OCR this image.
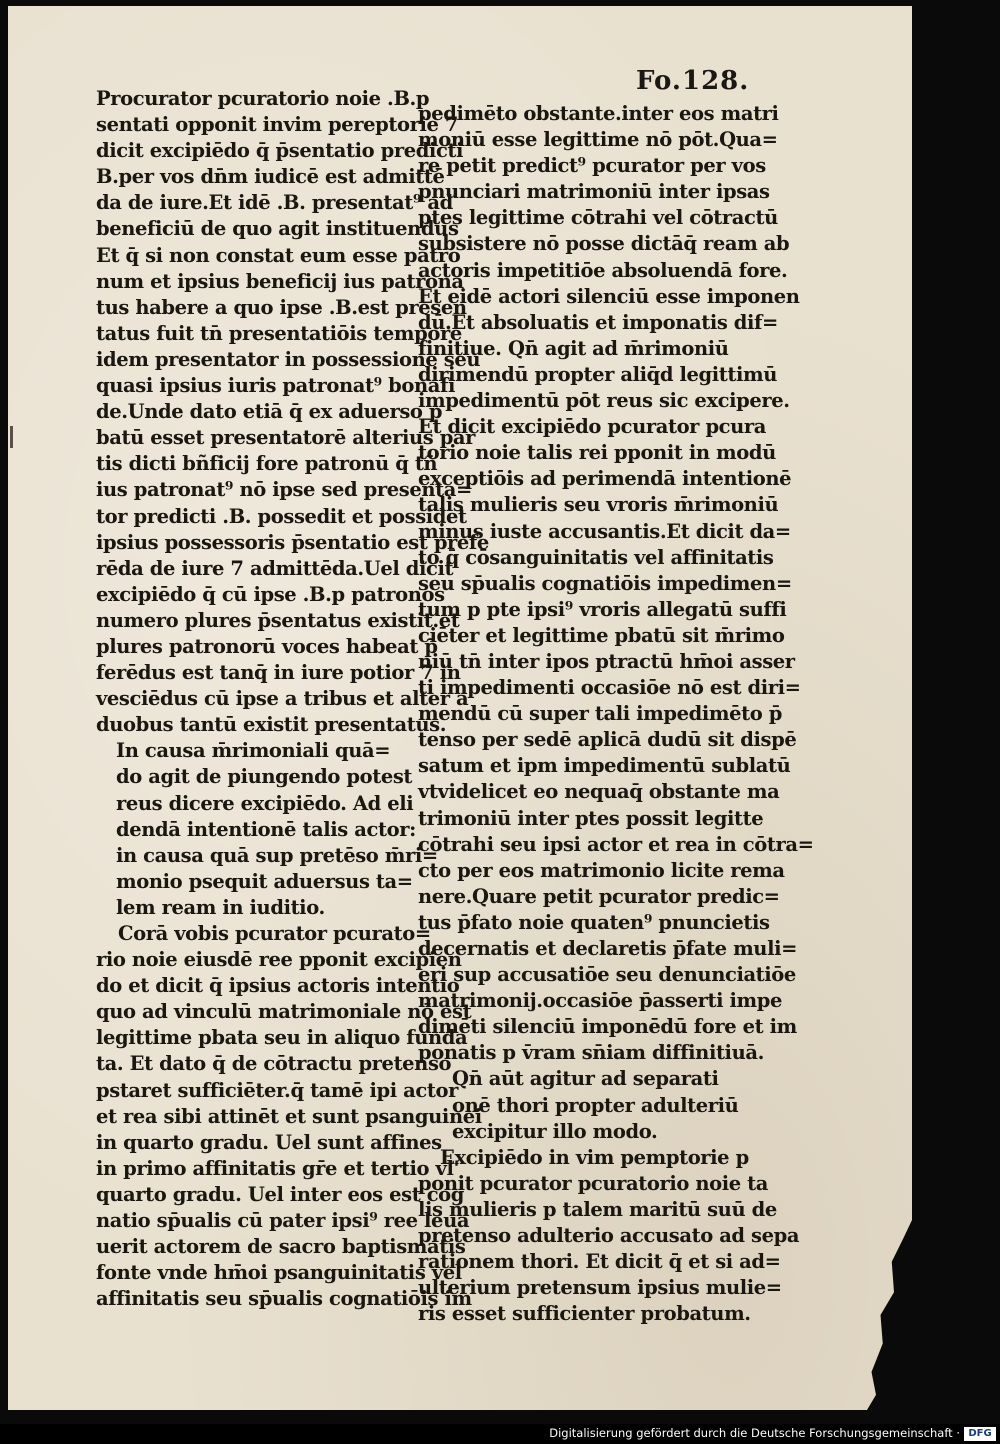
Fo.128.
Procurator pcuratorio noie .B.p
sentati opponit invim pereptorie 7
dicit excipiēdo q̄ p̄sentatio predicti
B.per vos dn̄m iudicē est admittē
da de iure.Et idē .B. presentat⁹ ad
beneficiū de quo agit instituendus
Et q̄ si non constat eum esse patro
num et ipsius beneficij ius patrona
tus habere a quo ipse .B.est presen
tatus fuit tn̄ presentatiōis tempore
idem presentator in possessione seu
quasi ipsius iuris patronat⁹ bonafi
de.Unde dato etiā q̄ ex aduerso p
batū esset presentatorē alterius par
tis dicti bñficij fore patronū q̄ tn̄
ius patronat⁹ nō ipse sed presenta=
tor predicti .B. possedit et possidet
ipsius possessoris p̄sentatio est prefe
rēda de iure 7 admittēda.Uel dicit
excipiēdo q̄ cū ipse .B.p patronos
numero plures p̄sentatus existit.et
plures patronorū voces habeat p̄
ferēdus est tanq̄ in iure potior 7 in
vesciēdus cū ipse a tribus et alter a
duobus tantū existit presentatus.
In causa m̄rimoniali quā=
do agit de piungendo potest
reus dicere excipiēdo. Ad eli
dendā intentionē talis actor:
in causa quā sup pretēso m̄ri=
monio psequit aduersus ta=
lem ream in iuditio.
Corā vobis pcurator pcurato=
rio noie eiusdē ree pponit excipien
do et dicit q̄ ipsius actoris intentio
quo ad vinculū matrimoniale nō est
legittime pbata seu in aliquo funda
ta. Et dato q̄ de cōtractu pretenso
pstaret sufficiēter.q̄ tamē ipi actor
et rea sibi attinēt et sunt psanguinei
in quarto gradu. Uel sunt affines
in primo affinitatis gr̄e et tertio vl'
quarto gradu. Uel inter eos est cog
natio sp̄ualis cū pater ipsi⁹ ree leua
uerit actorem de sacro baptismatis
fonte vnde hm̄oi psanguinitatis vel
affinitatis seu sp̄ualis cognatiōis im
pedimēto obstante.inter eos matri
moniū esse legittime nō pōt.Qua=
re petit predict⁹ pcurator per vos
pnunciari matrimoniū inter ipsas
ptes legittime cōtrahi vel cōtractū
subsistere nō posse dictāq̄ ream ab
actoris impetitiōe absoluendā fore.
Et eidē actori silenciū esse imponen
dū.Et absoluatis et imponatis dif=
finitiue. Qn̄ agit ad m̄rimoniū
dirimendū propter aliq̄d legittimū
impedimentū pōt reus sic excipere.
Et dicit excipiēdo pcurator pcura
torio noie talis rei pponit in modū
exceptiōis ad perimendā intentionē
talis mulieris seu vroris m̄rimoniū
minus iuste accusantis.Et dicit da=
to q̄ cōsanguinitatis vel affinitatis
seu sp̄ualis cognatiōis impedimen=
tum p pte ipsi⁹ vroris allegatū suffi
ciēter et legittime pbatū sit m̄rimo
niū tn̄ inter ipos ptractū hm̄oi asser
ti impedimenti occasiōe nō est diri=
mendū cū super tali impedimēto p̄
tenso per sedē aplicā dudū sit dispē
satum et ipm impedimentū sublatū
vtvidelicet eo nequaq̄ obstante ma
trimoniū inter ptes possit legitte
cōtrahi seu ipsi actor et rea in cōtra=
cto per eos matrimonio licite rema
nere.Quare petit pcurator predic=
tus p̄fato noie quaten⁹ pnuncietis
decernatis et declaretis p̄fate muli=
eri sup accusatiōe seu denunciatiōe
matrimonij.occasiōe p̄asserti impe
dimēti silenciū imponēdū fore et im
ponatis p v̄ram sn̄iam diffinitiuā.
Qn̄ aūt agitur ad separati
onē thori propter adulteriū
excipitur illo modo.
Excipiēdo in vim pemptorie p
ponit pcurator pcuratorio noie ta
lis mulieris p talem maritū suū de
pretenso adulterio accusato ad sepa
rationem thori. Et dicit q̄ et si ad=
ulterium pretensum ipsius mulie=
ris esset sufficienter probatum.
Digitalisierung gefördert durch die Deutsche Forschungsgemeinschaft · DFG
